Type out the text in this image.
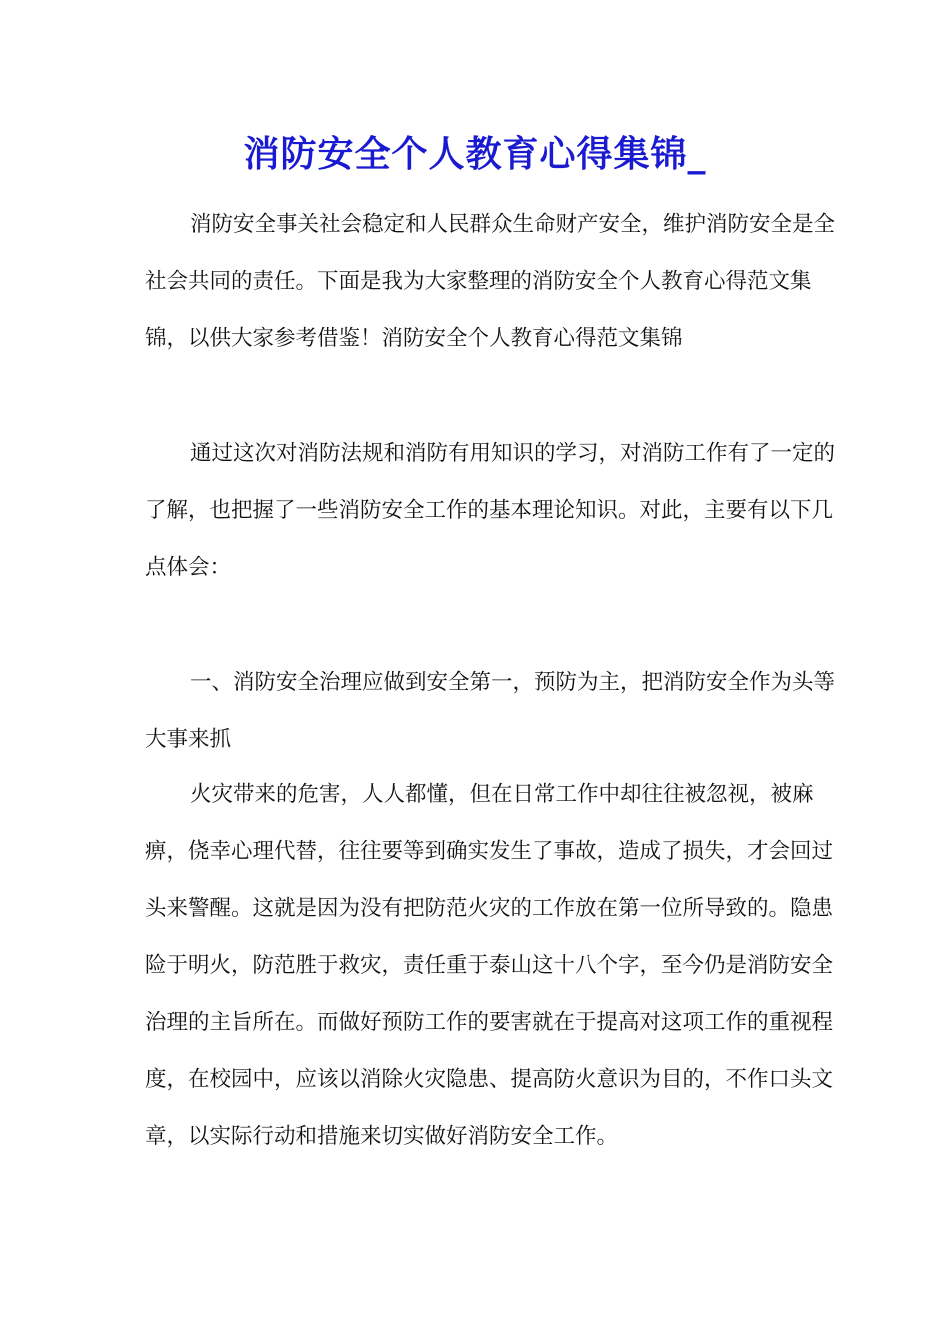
消防安全个人教育心得集锦_

消防安全事关社会稳定和人民群众生命财产安全，维护消防安全是全社会共同的责任。下面是我为大家整理的消防安全个人教育心得范文集锦，以供大家参考借鉴！消防安全个人教育心得范文集锦

通过这次对消防法规和消防有用知识的学习，对消防工作有了一定的了解，也把握了一些消防安全工作的基本理论知识。对此，主要有以下几点体会：

一、消防安全治理应做到安全第一，预防为主，把消防安全作为头等大事来抓

火灾带来的危害，人人都懂，但在日常工作中却往往被忽视，被麻痹，侥幸心理代替，往往要等到确实发生了事故，造成了损失，才会回过头来警醒。这就是因为没有把防范火灾的工作放在第一位所导致的。隐患险于明火，防范胜于救灾，责任重于泰山这十八个字，至今仍是消防安全治理的主旨所在。而做好预防工作的要害就在于提高对这项工作的重视程度，在校园中，应该以消除火灾隐患、提高防火意识为目的，不作口头文章，以实际行动和措施来切实做好消防安全工作。
